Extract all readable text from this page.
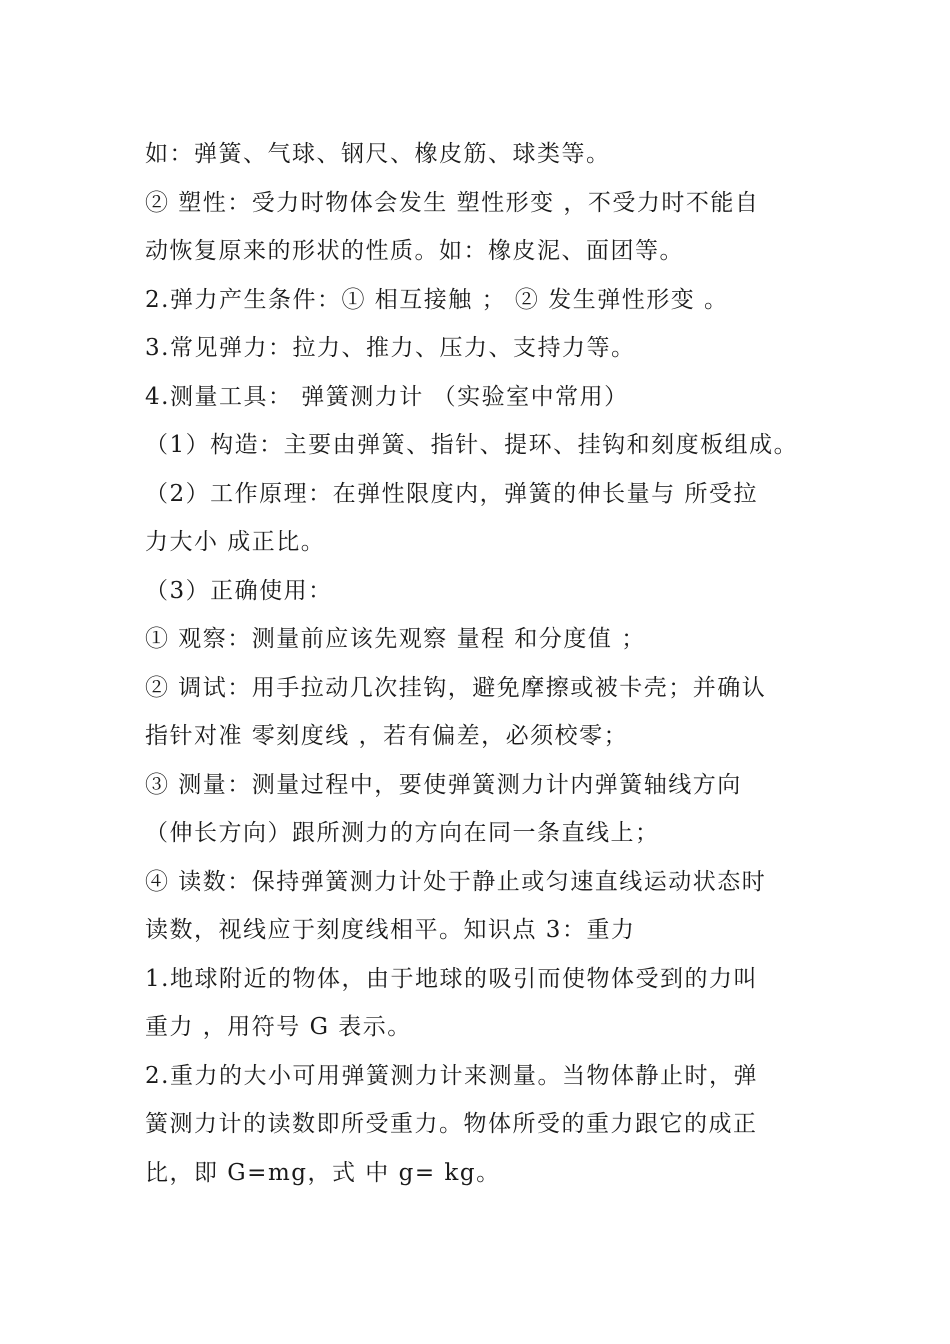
如：弹簧、气球、钢尺、橡皮筋、球类等。
② 塑性：受力时物体会发生 塑性形变 ，不受力时不能自
动恢复原来的形状的性质。如：橡皮泥、面团等。
2.弹力产生条件：① 相互接触 ； ② 发生弹性形变 。
3.常见弹力：拉力、推力、压力、支持力等。
4.测量工具： 弹簧测力计 （实验室中常用）
（1）构造：主要由弹簧、指针、提环、挂钩和刻度板组成。
（2）工作原理：在弹性限度内，弹簧的伸长量与 所受拉
力大小 成正比。
（3）正确使用：
① 观察：测量前应该先观察 量程 和分度值 ；
② 调试：用手拉动几次挂钩，避免摩擦或被卡壳；并确认
指针对准 零刻度线 ，若有偏差，必须校零；
③ 测量：测量过程中，要使弹簧测力计内弹簧轴线方向
（伸长方向）跟所测力的方向在同一条直线上；
④ 读数：保持弹簧测力计处于静止或匀速直线运动状态时
读数，视线应于刻度线相平。知识点 3：重力
1.地球附近的物体，由于地球的吸引而使物体受到的力叫
重力 ，用符号 G 表示。
2.重力的大小可用弹簧测力计来测量。当物体静止时，弹
簧测力计的读数即所受重力。物体所受的重力跟它的成正
比，即 G=mg，式 中 g= kg。
